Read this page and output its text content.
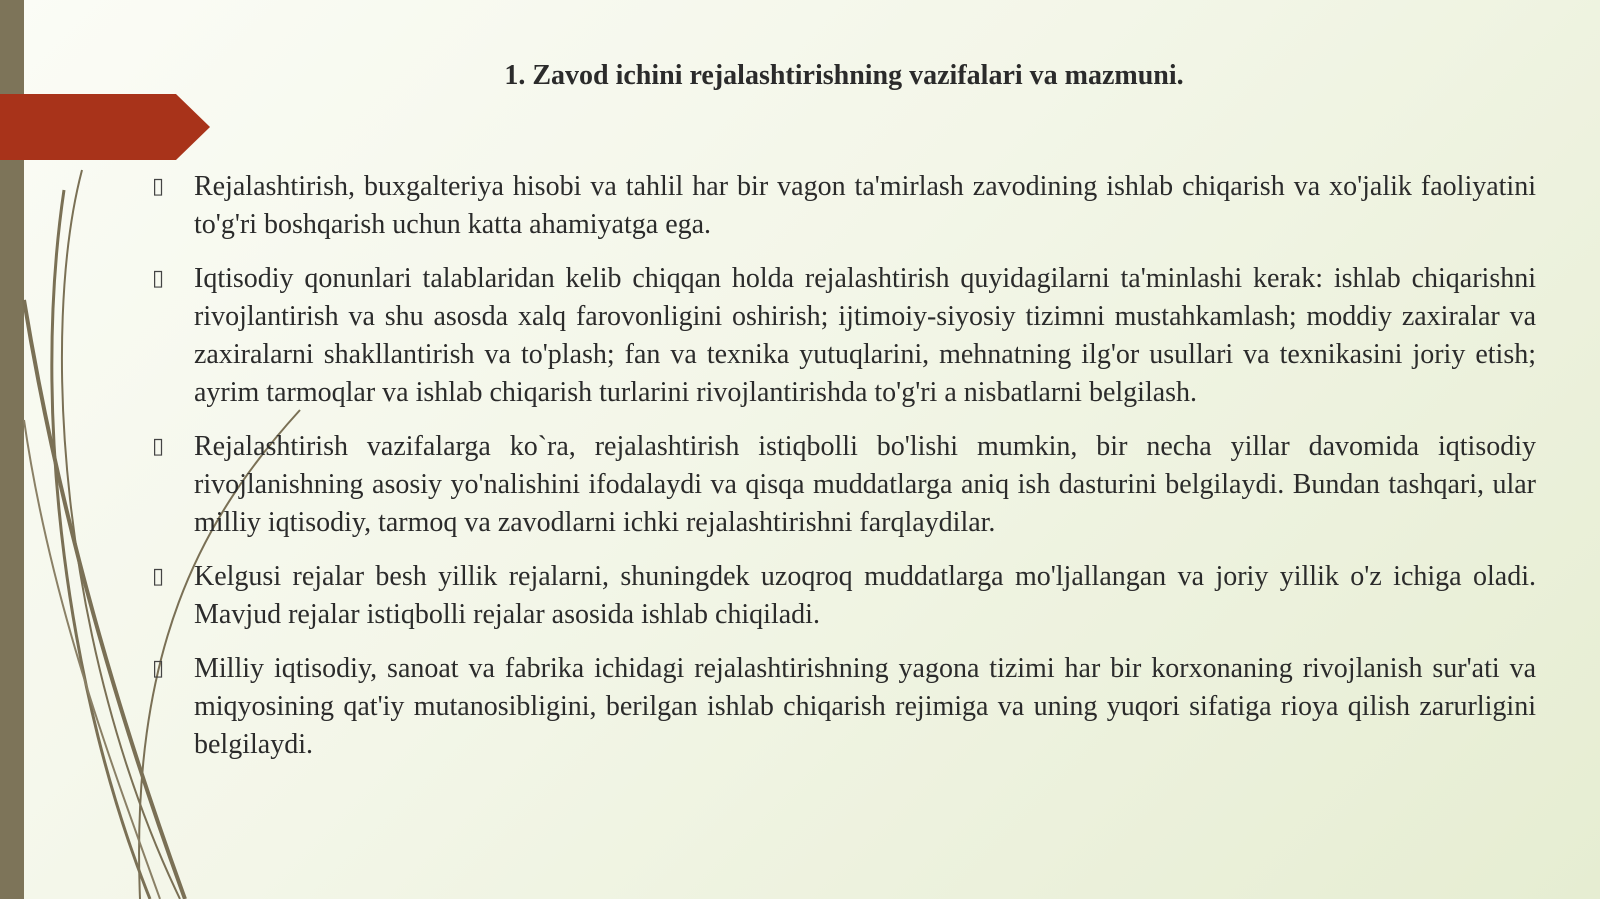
1. Zavod ichini rejalashtirishning vazifalari va mazmuni.
▯ Rejalashtirish, buxgalteriya hisobi va tahlil har bir vagon ta'mirlash zavodining ishlab chiqarish va xo'jalik faoliyatini to'g'ri boshqarish uchun katta ahamiyatga ega.
▯ Iqtisodiy qonunlari talablaridan kelib chiqqan holda rejalashtirish quyidagilarni ta'minlashi kerak: ishlab chiqarishni rivojlantirish va shu asosda xalq farovonligini oshirish; ijtimoiy-siyosiy tizimni mustahkamlash; moddiy zaxiralar va zaxiralarni shakllantirish va to'plash; fan va texnika yutuqlarini, mehnatning ilg'or usullari va texnikasini joriy etish; ayrim tarmoqlar va ishlab chiqarish turlarini rivojlantirishda to'g'ri a nisbatlarni belgilash.
▯ Rejalashtirish vazifalarga ko`ra, rejalashtirish istiqbolli bo'lishi mumkin, bir necha yillar davomida iqtisodiy rivojlanishning asosiy yo'nalishini ifodalaydi va qisqa muddatlarga aniq ish dasturini belgilaydi. Bundan tashqari, ular milliy iqtisodiy, tarmoq va zavodlarni ichki rejalashtirishni farqlaydilar.
▯ Kelgusi rejalar besh yillik rejalarni, shuningdek uzoqroq muddatlarga mo'ljallangan va joriy yillik o'z ichiga oladi. Mavjud rejalar istiqbolli rejalar asosida ishlab chiqiladi.
▯ Milliy iqtisodiy, sanoat va fabrika ichidagi rejalashtirishning yagona tizimi har bir korxonaning rivojlanish sur'ati va miqyosining qat'iy mutanosibligini, berilgan ishlab chiqarish rejimiga va uning yuqori sifatiga rioya qilish zarurligini belgilaydi.
